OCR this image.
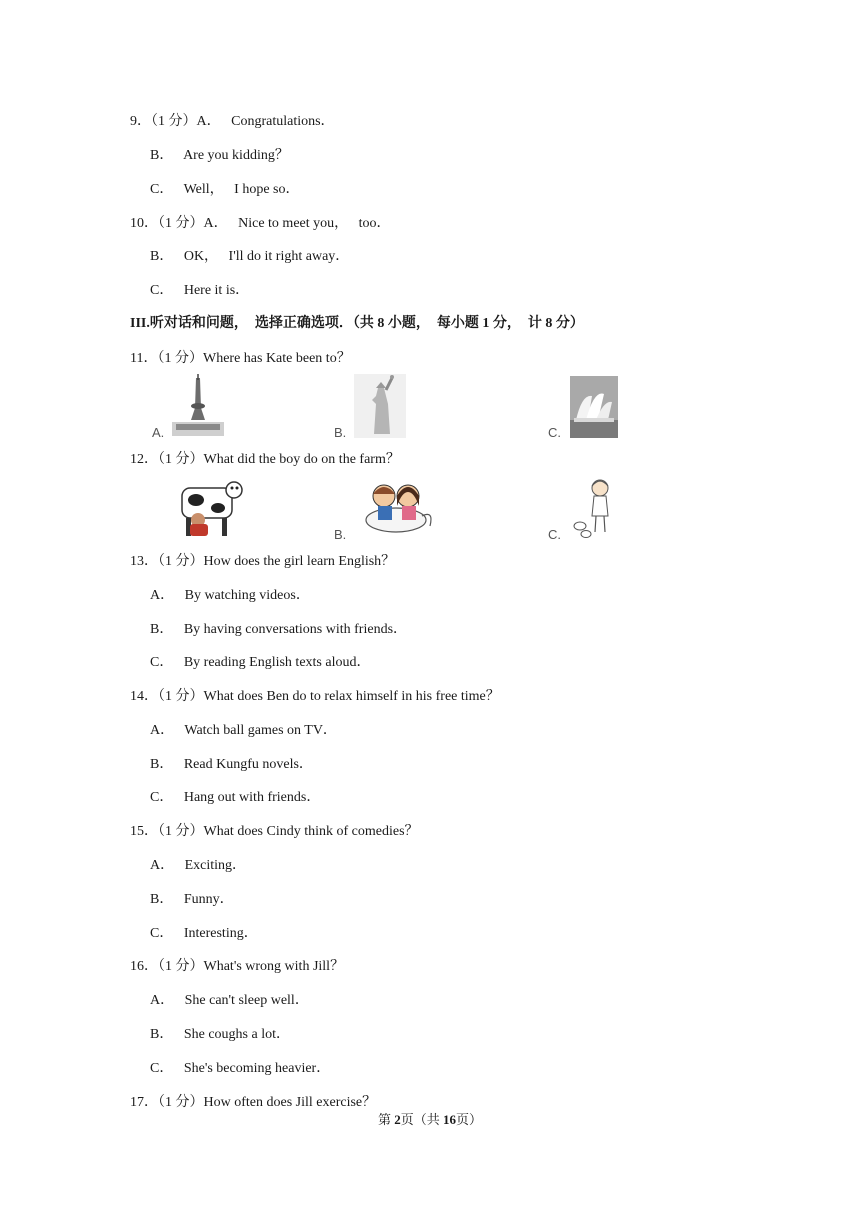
9．（1 分）A．   Congratulations．
B．   Are you kidding？
C．   Well，   I hope so．
10．（1 分）A．   Nice to meet you，   too．
B．   OK，   I'll do it right away．
C．   Here it is．
III.听对话和问题，  选择正确选项．（共 8 小题，  每小题 1 分，  计 8 分）
11．（1 分）Where has Kate been to？
A.	B.	C.
12．（1 分）What did the boy do on the farm？
B.	C.
13．（1 分）How does the girl learn English？
A．   By watching videos．
B．   By having conversations with friends．
C．   By reading English texts aloud．
14．（1 分）What does Ben do to relax himself in his free time？
A．   Watch ball games on TV．
B．   Read Kungfu novels．
C．   Hang out with friends．
15．（1 分）What does Cindy think of comedies？
A．   Exciting．
B．   Funny．
C．   Interesting．
16．（1 分）What's wrong with Jill？
A．   She can't sleep well．
B．   She coughs a lot．
C．   She's becoming heavier．
17．（1 分）How often does Jill exercise？
第 2页（共 16页）
